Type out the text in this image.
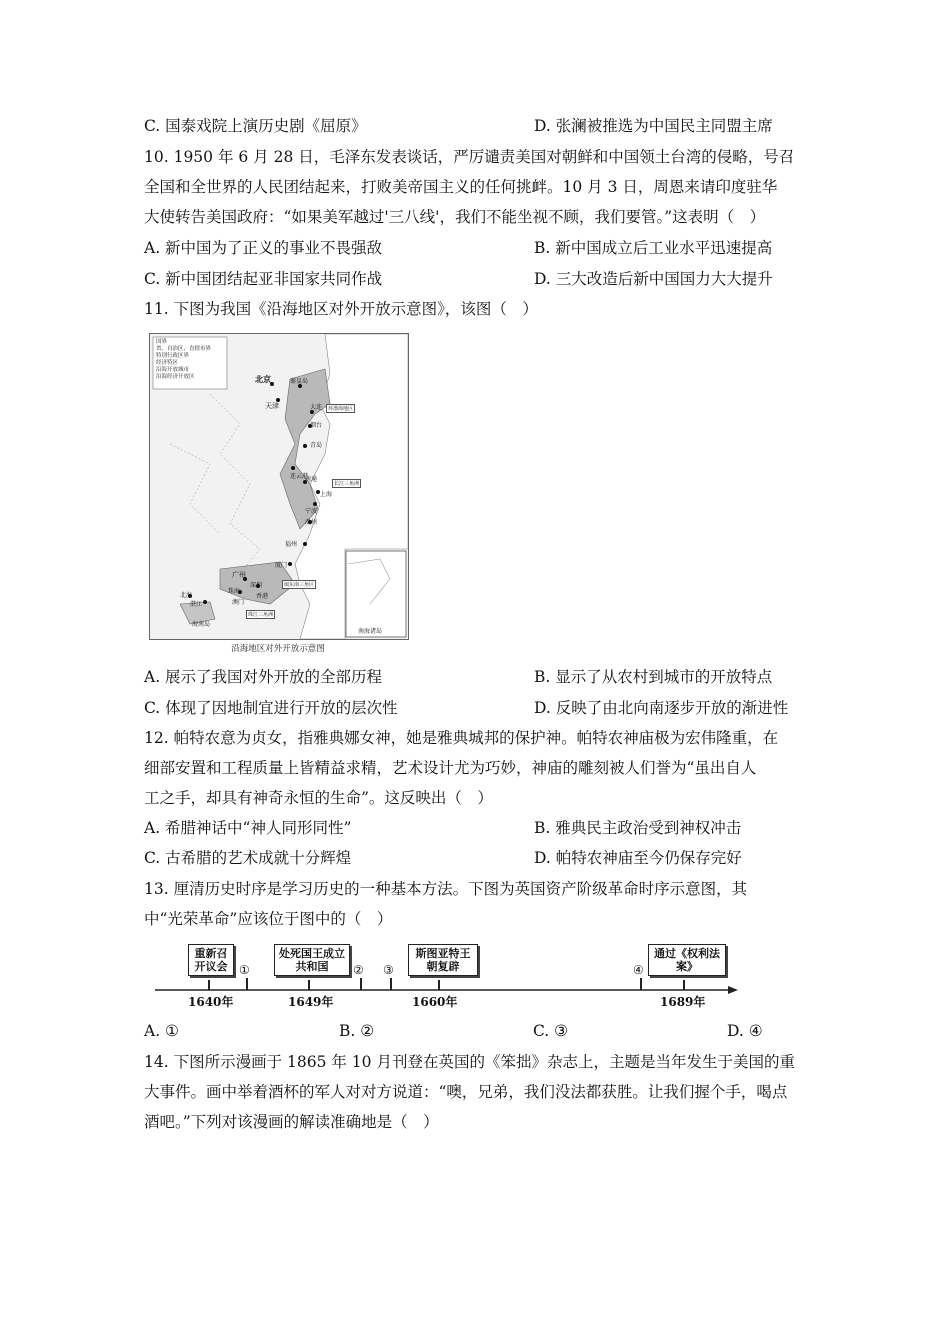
C. 国泰戏院上演历史剧《屈原》	D. 张澜被推选为中国民主同盟主席
10. 1950 年 6 月 28 日，毛泽东发表谈话，严厉谴责美国对朝鲜和中国领土台湾的侵略，号召
全国和全世界的人民团结起来，打败美帝国主义的任何挑衅。10 月 3 日，周恩来请印度驻华
大使转告美国政府：“如果美军越过'三八线'，我们不能坐视不顾，我们要管。”这表明（　）
A. 新中国为了正义的事业不畏强敌	B. 新中国成立后工业水平迅速提高
C. 新中国团结起亚非国家共同作战	D. 三大改造后新中国国力大大提升
11. 下图为我国《沿海地区对外开放示意图》，该图（　）
国界
省、自治区、直辖市界
特别行政区界
经济特区
沿海开放城市
沿海经济开放区	北京
天津
秦皇岛
大连
烟台
青岛
连云港
南通
上海
宁波
温州
福州
厦门
广州
深圳
珠海
香港
澳门
湛江
北海
海南岛
环渤海地区
长江三角洲
闽东南三角区
珠江三角洲
南海诸岛
沿海地区对外开放示意图
A. 展示了我国对外开放的全部历程	B. 显示了从农村到城市的开放特点
C. 体现了因地制宜进行开放的层次性	D. 反映了由北向南逐步开放的渐进性
12. 帕特农意为贞女，指雅典娜女神，她是雅典城邦的保护神。帕特农神庙极为宏伟隆重，在
细部安置和工程质量上皆精益求精，艺术设计尤为巧妙，神庙的雕刻被人们誉为“虽出自人
工之手，却具有神奇永恒的生命”。这反映出（　）
A. 希腊神话中“神人同形同性”	B. 雅典民主政治受到神权冲击
C. 古希腊的艺术成就十分辉煌	D. 帕特农神庙至今仍保存完好
13. 厘清历史时序是学习历史的一种基本方法。下图为英国资产阶级革命时序示意图，其
中“光荣革命”应该位于图中的（　）
重新召开议会
处死国王成立共和国
斯图亚特王朝复辟
通过《权利法案》
①	② ③	④
1640年	1649年	1660年	1689年
A. ①	B. ②	C. ③	D. ④
14. 下图所示漫画于 1865 年 10 月刊登在英国的《笨拙》杂志上，主题是当年发生于美国的重
大事件。画中举着酒杯的军人对对方说道：“噢，兄弟，我们没法都获胜。让我们握个手，喝点
酒吧。”下列对该漫画的解读准确地是（　）
